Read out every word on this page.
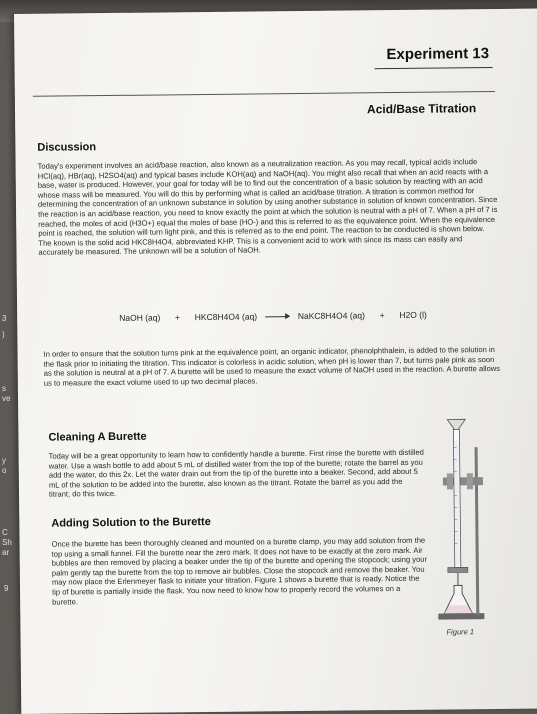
3
)
s
ve
y
o
C
Sh
ar
9
Experiment 13
Acid/Base Titration
Discussion
Today's experiment involves an acid/base reaction, also known as a neutralization reaction. As you may recall, typical acids include HCl(aq), HBr(aq), H2SO4(aq) and typical bases include KOH(aq) and NaOH(aq). You might also recall that when an acid reacts with a base, water is produced. However, your goal for today will be to find out the concentration of a basic solution by reacting with an acid whose mass will be measured. You will do this by performing what is called an acid/base titration. A titration is common method for determining the concentration of an unknown substance in solution by using another substance in solution of known concentration. Since the reaction is an acid/base reaction, you need to know exactly the point at which the solution is neutral with a pH of 7. When a pH of 7 is reached, the moles of acid (H3O+) equal the moles of base (HO-) and this is referred to as the equivalence point. When the equivalence point is reached, the solution will turn light pink, and this is referred as to the end point. The reaction to be conducted is shown below. The known is the solid acid HKC8H4O4, abbreviated KHP. This is a convenient acid to work with since its mass can easily and accurately be measured. The unknown will be a solution of NaOH.
NaOH (aq) + HKC8H4O4 (aq)	NaKC8H4O4 (aq) + H2O (l)
In order to ensure that the solution turns pink at the equivalence point, an organic indicator, phenolphthalein, is added to the solution in the flask prior to initiating the titration. This indicator is colorless in acidic solution, when pH is lower than 7, but turns pale pink as soon as the solution is neutral at a pH of 7. A burette will be used to measure the exact volume of NaOH used in the reaction. A burette allows us to measure the exact volume used to up two decimal places.
Cleaning A Burette
Today will be a great opportunity to learn how to confidently handle a burette. First rinse the burette with distilled water. Use a wash bottle to add about 5 mL of distilled water from the top of the burette; rotate the barrel as you add the water, do this 2x. Let the water drain out from the tip of the burette into a beaker. Second, add about 5 mL of the solution to be added into the burette, also known as the titrant. Rotate the barrel as you add the titrant; do this twice.
Adding Solution to the Burette
Once the burette has been thoroughly cleaned and mounted on a burette clamp, you may add solution from the top using a small funnel. Fill the burette near the zero mark. It does not have to be exactly at the zero mark. Air bubbles are then removed by placing a beaker under the tip of the burette and opening the stopcock; using your palm gently tap the burette from the top to remove air bubbles. Close the stopcock and remove the beaker. You may now place the Erlenmeyer flask to initiate your titration. Figure 1 shows a burette that is ready. Notice the tip of burette is partially inside the flask. You now need to know how to properly record the volumes on a burette.
Figure 1
